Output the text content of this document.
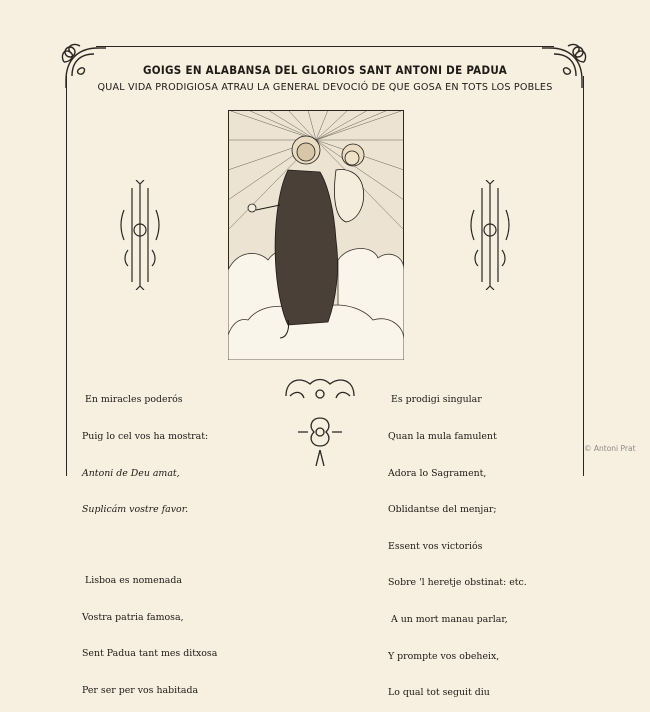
GOIGS EN ALABANSA DEL GLORIOS SANT ANTONI DE PADUA
QUAL VIDA PRODIGIOSA ATRAU LA GENERAL DEVOCIÓ DE QUE GOSA EN TOTS LOS POBLES

En miracles poderós

Puig lo cel vos ha mostrat:

Antoni de Deu amat,

Suplicám vostre favor.

Lisboa es nomenada

Vostra patria famosa,

Sent Padua tant mes ditxosa

Per ser per vos habitada

Es prodigi singular

Quan la mula famulent

Adora lo Sagrament,

Oblidantse del menjar;

Essent vos victoriós

Sobre 'l heretje obstinat: etc.

A un mort manau parlar,

Y prompte vos obeheix,

Lo qual tot seguit diu

© Antoni Prat
